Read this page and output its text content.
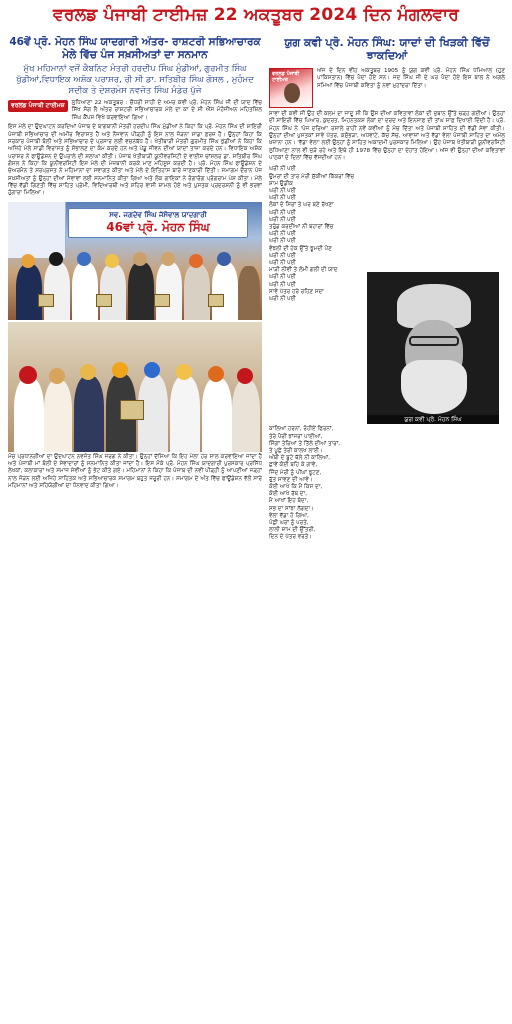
ਵਰਲਡ ਪੰਜਾਬੀ ਟਾਈਮਜ਼ 22 ਅਕਤੂਬਰ 2024 ਦਿਨ ਮੰਗਲਵਾਰ
46ਵੇਂ ਪ੍ਰੋ. ਮੋਹਨ ਸਿੰਘ ਯਾਦਗਾਰੀ ਅੰਤਰ- ਰਾਸ਼ਟਰੀ ਸਭਿਆਚਾਰਕ ਮੇਲੇ ਵਿੱਚ ਪੰਜ ਸਖ਼ਸੀਅਤਾਂ ਦਾ ਸਨਮਾਨ
ਮੁੱਖ ਮਹਿਮਾਨਾਂ ਵਜੋਂ ਕੈਬਨਿਟ ਮੰਤਰੀ ਹਰਦੀਪ ਸਿੰਘ ਮੁੰਡੀਆਂ, ਗੁਰਮੀਤ ਸਿੰਘ ਖੁੱਡੀਆਂ,ਵਿਧਾਇਕ ਅਸ਼ੋਕ ਪਰਾਸ਼ਰ, ਰੀ ਸੀ ਡਾ. ਸਤਿਬੀਰ ਸਿੰਘ ਗੋਸਲ , ਮੁਹੰਮਦ ਸਦੀਕ ਤੇ ਦੇਸ਼ਰਮੇਸ ਨਵਜੋਤ ਸਿੰਘ ਮੰਡੇਰ ਪੁੱਜੇ
ਵਰਲਡ ਪੰਜਾਬੀ ਟਾਈਮਜ਼	ਲੁਧਿਆਣਾ 22 ਅਕਤੂਬਰ : ਚੌਧਰੀ ਸਾਹੀ ਦੇ ਅਮਰ ਕਵੀ ਪ੍ਰੋ. ਮੋਹਨ ਸਿੰਘ ਜੀ ਦੀ ਯਾਦ ਵਿੱਚ ਸਿੱਖ ਸੰਗ ਲੈ ਅੰਤਰ ਰਾਸ਼ਟਰੀ ਸਭਿਆਚਾਰਕ ਮੇਲੇ ਦਾ ਕਾ ਦੇ ਸੀ ਐੱਸ ਮੋਹੰਜੀਅਨ ਮਹਿਤਸ਼ਿਲ ਸਿੰਘ ਕੈਂਪਸ ਵਿਖੇ ਕਰਵਾਇਆ ਗਿਆ।

ਇਸ ਮੇਲੇ ਦਾ ਉਦਘਾਟਨ ਕਰਦਿਆਂ ਪੰਜਾਬ ਦੇ ਬਾਗਬਾਨੀ ਮੰਤਰੀ ਹਰਦੀਪ ਸਿੰਘ ਮੁੰਡੀਆਂ ਨੇ ਕਿਹਾ ਕਿ ਪ੍ਰੋ. ਮੋਹਨ ਸਿੰਘ ਦੀ ਸ਼ਾਇਰੀ ਪੰਜਾਬੀ ਸਭਿਆਚਾਰ ਦੀ ਅਮੀਰ ਵਿਰਾਸਤ ਹੈ ਅਤੇ ਨੌਜਵਾਨ ਪੀੜ੍ਹੀ ਨੂੰ ਇਸ ਨਾਲ ਜੋੜਨਾ ਸਾਡਾ ਫ਼ਰਜ਼ ਹੈ। ਉਨ੍ਹਾਂ ਕਿਹਾ ਕਿ ਸਰਕਾਰ ਪੰਜਾਬੀ ਬੋਲੀ ਅਤੇ ਸਭਿਆਚਾਰ ਦੇ ਪ੍ਰਸਾਰ ਲਈ ਵਚਨਬੱਧ ਹੈ। ਖੇਤੀਬਾੜੀ ਮੰਤਰੀ ਗੁਰਮੀਤ ਸਿੰਘ ਖੁੱਡੀਆਂ ਨੇ ਕਿਹਾ ਕਿ ਅਜਿਹੇ ਮੇਲੇ ਸਾਡੀ ਵਿਰਾਸਤ ਨੂੰ ਸੰਭਾਲਣ ਦਾ ਕੰਮ ਕਰਦੇ ਹਨ ਅਤੇ ਪੇਂਡੂ ਜੀਵਨ ਦੀਆਂ ਯਾਦਾਂ ਤਾਜ਼ਾ ਕਰਦੇ ਹਨ। ਵਿਧਾਇਕ ਅਸ਼ੋਕ ਪਰਾਸ਼ਰ ਨੇ ਫਾਊਂਡੇਸ਼ਨ ਦੇ ਉਪਰਾਲੇ ਦੀ ਸ਼ਲਾਘਾ ਕੀਤੀ। ਪੰਜਾਬ ਖੇਤੀਬਾੜੀ ਯੂਨੀਵਰਸਿਟੀ ਦੇ ਵਾਈਸ ਚਾਂਸਲਰ ਡਾ. ਸਤਿਬੀਰ ਸਿੰਘ ਗੋਸਲ ਨੇ ਕਿਹਾ ਕਿ ਯੂਨੀਵਰਸਿਟੀ ਇਸ ਮੇਲੇ ਦੀ ਮੇਜ਼ਬਾਨੀ ਕਰਕੇ ਮਾਣ ਮਹਿਸੂਸ ਕਰਦੀ ਹੈ। ਪ੍ਰੋ. ਮੋਹਨ ਸਿੰਘ ਫਾਊਂਡੇਸ਼ਨ ਦੇ ਚੇਅਰਮੈਨ ਤੇ ਸਰਪ੍ਰਸਤ ਨੇ ਮਹਿਮਾਨਾਂ ਦਾ ਸਵਾਗਤ ਕੀਤਾ ਅਤੇ ਮੇਲੇ ਦੇ ਇਤਿਹਾਸ ਬਾਰੇ ਜਾਣਕਾਰੀ ਦਿੱਤੀ। ਸਮਾਗਮ ਦੌਰਾਨ ਪੰਜ ਸ਼ਖ਼ਸੀਅਤਾਂ ਨੂੰ ਉਨ੍ਹਾਂ ਦੀਆਂ ਸੇਵਾਵਾਂ ਲਈ ਸਨਮਾਨਿਤ ਕੀਤਾ ਗਿਆ ਅਤੇ ਲੋਕ ਗਾਇਕਾਂ ਨੇ ਰੰਗਾਰੰਗ ਪ੍ਰੋਗਰਾਮ ਪੇਸ਼ ਕੀਤਾ। ਮੇਲੇ ਵਿੱਚ ਵੱਡੀ ਗਿਣਤੀ ਵਿੱਚ ਸਾਹਿਤ ਪ੍ਰੇਮੀ, ਵਿਦਿਆਰਥੀ ਅਤੇ ਸ਼ਹਿਰ ਵਾਸੀ ਸ਼ਾਮਲ ਹੋਏ ਅਤੇ ਪੁਸਤਕ ਪ੍ਰਦਰਸ਼ਨੀ ਨੂੰ ਵੀ ਭਰਵਾਂ ਹੁੰਗਾਰਾ ਮਿਲਿਆ।

ਸਵ. ਜਗਦੇਵ ਸਿੰਘ ਜੱਸੋਵਾਲ ਯਾਦਗਾਰੀ
46ਵਾਂ ਪ੍ਰੋ. ਮੋਹਨ ਸਿੰਘ

ਮੰਚ ਪ੍ਰਧਾਨਗੀਆਂ ਦਾ ਉਦਘਾਟਨ ਨਵਜੋਤ ਸਿੰਘ ਜਰਗ ਨੇ ਕੀਤਾ। ਉਨ੍ਹਾਂ ਦੱਸਿਆ ਕਿ ਇਹ ਮੇਲਾ ਹਰ ਸਾਲ ਕਰਵਾਇਆ ਜਾਂਦਾ ਹੈ ਅਤੇ ਪੰਜਾਬੀ ਮਾਂ ਬੋਲੀ ਦੇ ਸੇਵਾਦਾਰਾਂ ਨੂੰ ਸਨਮਾਨਿਤ ਕੀਤਾ ਜਾਂਦਾ ਹੈ। ਇਸ ਮੌਕੇ ਪ੍ਰੋ. ਮੋਹਨ ਸਿੰਘ ਯਾਦਗਾਰੀ ਪੁਰਸਕਾਰ ਪ੍ਰਸਿੱਧ ਲੇਖਕਾਂ, ਕਲਾਕਾਰਾਂ ਅਤੇ ਸਮਾਜ ਸੇਵੀਆਂ ਨੂੰ ਭੇਟ ਕੀਤੇ ਗਏ। ਮਹਿਮਾਨਾਂ ਨੇ ਕਿਹਾ ਕਿ ਪੰਜਾਬ ਦੀ ਨਵੀਂ ਪੀੜ੍ਹੀ ਨੂੰ ਆਪਣੀਆਂ ਜੜ੍ਹਾਂ ਨਾਲ ਜੋੜਨ ਲਈ ਅਜਿਹੇ ਸਾਹਿਤਕ ਅਤੇ ਸਭਿਆਚਾਰਕ ਸਮਾਗਮ ਬਹੁਤ ਜ਼ਰੂਰੀ ਹਨ। ਸਮਾਗਮ ਦੇ ਅੰਤ ਵਿੱਚ ਫਾਊਂਡੇਸ਼ਨ ਵੱਲੋਂ ਸਾਰੇ ਮਹਿਮਾਨਾਂ ਅਤੇ ਸਹਿਯੋਗੀਆਂ ਦਾ ਧੰਨਵਾਦ ਕੀਤਾ ਗਿਆ।

ਯੁਗ ਕਵੀ ਪ੍ਰੋ. ਮੋਹਨ ਸਿੰਘ: ਯਾਦਾਂ ਦੀ ਖਿੜਕੀ ਵਿੱਚੋਂ ਝਾਕਦਿਆਂ
ਵਰਲਡ ਪੰਜਾਬੀ ਟਾਈਮਜ਼

ਅੱਜ ਦੇ ਦਿਨ ਵੀਹ ਅਕਤੂਬਰ 1905 ਨੂੰ ਯੁਗ ਕਵੀ ਪ੍ਰੋ. ਮੋਹਨ ਸਿੰਘ ਧਮਿਆਲ (ਹੁਣ ਪਾਕਿਸਤਾਨ) ਵਿੱਚ ਪੈਦਾ ਹੋਏ ਸਨ। ਜਦ ਸਿੰਘ ਜੀ ਦੇ ਘਰ ਪੈਦਾ ਹੋਏ ਇਸ ਬਾਲ ਨੇ ਅਗਲੇ ਸਮਿਆਂ ਵਿੱਚ ਪੰਜਾਬੀ ਕਵਿਤਾ ਨੂੰ ਨਵਾਂ ਮੁਹਾਂਦਰਾ ਦਿੱਤਾ।

ਸਾਵਾ ਦੀ ਕਵੀ ਸੀ ਉਹ ਦੀ ਕਲਮ ਦਾ ਜਾਦੂ ਸੀ ਕਿ ਉਸ ਦੀਆਂ ਕਵਿਤਾਵਾਂ ਲੋਕਾਂ ਦੀ ਜ਼ੁਬਾਨ ਉੱਤੇ ਚੜ੍ਹ ਗਈਆਂ। ਉਨ੍ਹਾਂ ਦੀ ਸ਼ਾਇਰੀ ਵਿੱਚ ਪਿਆਰ, ਕੁਦਰਤ, ਮਿਹਨਤਕਸ਼ ਲੋਕਾਂ ਦਾ ਦਰਦ ਅਤੇ ਇਨਸਾਫ਼ ਦੀ ਤਾਂਘ ਸਾਫ਼ ਦਿਖਾਈ ਦਿੰਦੀ ਹੈ। ਪ੍ਰੋ. ਮੋਹਨ ਸਿੰਘ ਨੇ 'ਪੰਜ ਦਰਿਆ' ਰਸਾਲੇ ਰਾਹੀਂ ਨਵੇਂ ਕਵੀਆਂ ਨੂੰ ਮੰਚ ਦਿੱਤਾ ਅਤੇ ਪੰਜਾਬੀ ਸਾਹਿਤ ਦੀ ਵੱਡੀ ਸੇਵਾ ਕੀਤੀ। ਉਨ੍ਹਾਂ ਦੀਆਂ ਪੁਸਤਕਾਂ ਸਾਵੇ ਪੱਤਰ, ਕਸੁੰਭੜਾ, ਅਧਵਾਟੇ, ਕੱਚ ਸੱਚ, ਆਵਾਜ਼ਾਂ ਅਤੇ ਵੱਡਾ ਵੇਲਾ ਪੰਜਾਬੀ ਸਾਹਿਤ ਦਾ ਅਮੋਲ ਖ਼ਜ਼ਾਨਾ ਹਨ। 'ਵੱਡਾ ਵੇਲਾ' ਲਈ ਉਨ੍ਹਾਂ ਨੂੰ ਸਾਹਿਤ ਅਕਾਦਮੀ ਪੁਰਸਕਾਰ ਮਿਲਿਆ। ਉਹ ਪੰਜਾਬ ਖੇਤੀਬਾੜੀ ਯੂਨੀਵਰਸਿਟੀ ਲੁਧਿਆਣਾ ਨਾਲ ਵੀ ਜੁੜੇ ਰਹੇ ਅਤੇ ਇਥੇ ਹੀ 1978 ਵਿੱਚ ਉਨ੍ਹਾਂ ਦਾ ਦੇਹਾਂਤ ਹੋਇਆ। ਅੱਜ ਵੀ ਉਨ੍ਹਾਂ ਦੀਆਂ ਕਵਿਤਾਵਾਂ ਪਾਠਕਾਂ ਦੇ ਦਿਲਾਂ ਵਿੱਚ ਵੱਸਦੀਆਂ ਹਨ।

ਘਰੀ ਨੀ ਪਈ
ਉਮਰਾਂ ਦੀ ਤਾਰ ਮੇਰੀ ਸੁੱਕੀਆਂ ਕਿੱਕਰਾਂ ਵਿੱਚ ਸ਼ਾਮ ਉਡੀਕ
ਘਰੀ ਨੀ ਪਈ
ਘਰੀ ਨੀ ਪਈ
ਲੋਕਾਂ ਦੇ ਸਿਰਾਂ ਤੇ ਘਰ ਬਣੇ ਰੱਖਣਾ
ਘਰੀ ਨੀ ਪਈ
ਘਰੀ ਨੀ ਪਈ
ਤਰੁੰਡ ਕਰਦੀਆਂ ਨੀ ਬਹਾਰਾਂ ਵਿੱਚ
ਘਰੀ ਨੀ ਪਈ
ਘਰੀ ਨੀ ਪਈ
ਵੰਝਲੀ ਦੀ ਹੇਕ ਉੱਤੇ ਝੂਮਦੀ ਪੌਣ
ਘਰੀ ਨੀ ਪਈ
ਘਰੀ ਨੀ ਪਈ
ਮਾੜੀ ਨੀਵੀਂ ਤੇ ਲੰਮੀ ਗਲੀ ਦੀ ਯਾਦ
ਘਰੀ ਨੀ ਪਈ
ਘਰੀ ਨੀ ਪਈ
ਸਾਵੇ ਪੱਤਰ ਹਰੇ ਰਹਿਣ ਸਦਾ
ਘਰੀ ਨੀ ਪਈ
ਯੁਗ ਕਵੀ ਪ੍ਰੋ. ਮੋਹਨ ਸਿੰਘ
ਕਾਲਿਆਂ ਹਰਨਾਂ, ਰੋਹੀਏਂ ਫਿਰਨਾਂ,
ਤੇਰੇ ਪੈਰੀਂ ਝਾਂਜਰਾਂ ਪਾਈਆਂ,
ਸਿੰਗਾਂ ਤੇਰਿਆਂ ਤੇ ਤਿੱਲੇ ਦੀਆਂ ਤਾਰਾਂ,
ਤੇ ਪੂਛੇ ਤੇਰੀ ਕਾਲਖ ਲਾਈ।
ਅੰਬੀ ਦੇ ਬੂਟੇ ਥੱਲੇ ਨੀ ਕਾਲਿਆਂ,
ਛਾਵੇਂ ਕੋਈ ਬਹਿ ਕੇ ਗਾਵੇ,
ਜਿੰਦ ਮੇਰੀ ਨੂੰ ਪੀਂਘਾਂ ਝੂਟਣ,
ਰੁੱਤ ਸਾਵਣ ਦੀ ਆਵੇ।
ਕੋਈ ਆਖੇ ਕਿ ਮੈਂ ਕਿਸ ਦਾ,
ਕੋਈ ਆਖੇ ਰੱਬ ਦਾ,
ਮੈਂ ਆਖਾਂ ਇਹ ਬੰਦਾ,
ਸਭ ਦਾ ਸਾਂਝਾ ਲੱਗਦਾ।
ਵੇਲਾ ਵੱਡਾ ਹੋ ਗਿਆ,
ਪੰਛੀ ਘਰਾਂ ਨੂੰ ਪਰਤੇ,
ਲਾਲੀ ਸ਼ਾਮ ਦੀ ਉੱਤਰੀ,
ਦਿਨ ਦੇ ਪੱਤਰ ਵਰਤੇ।
